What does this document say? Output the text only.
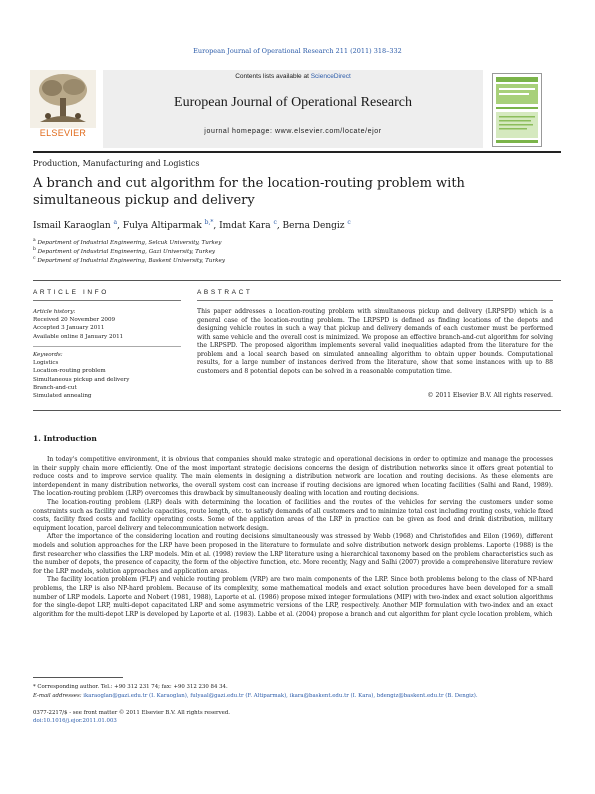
European Journal of Operational Research 211 (2011) 318–332
ELSEVIER
Contents lists available at ScienceDirect
European Journal of Operational Research
journal homepage: www.elsevier.com/locate/ejor
Production, Manufacturing and Logistics
A branch and cut algorithm for the location-routing problem with simultaneous pickup and delivery
Ismail Karaoglan $^a$, Fulya Altiparmak $^{b,*}$, Imdat Kara $^c$, Berna Dengiz $^c$
$^a$ Department of Industrial Engineering, Selcuk University, Turkey
$^b$ Department of Industrial Engineering, Gazi University, Turkey
$^c$ Department of Industrial Engineering, Baskent University, Turkey
ARTICLE INFO	ABSTRACT
Article history:
Received 20 November 2009
Accepted 3 January 2011
Available online 8 January 2011
Keywords:
Logistics
Location-routing problem
Simultaneous pickup and delivery
Branch-and-cut
Simulated annealing
This paper addresses a location-routing problem with simultaneous pickup and delivery (LRPSPD) which is a general case of the location-routing problem. The LRPSPD is defined as finding locations of the depots and designing vehicle routes in such a way that pickup and delivery demands of each customer must be performed with same vehicle and the overall cost is minimized. We propose an effective branch-and-cut algorithm for solving the LRPSPD. The proposed algorithm implements several valid inequalities adapted from the literature for the problem and a local search based on simulated annealing algorithm to obtain upper bounds. Computational results, for a large number of instances derived from the literature, show that some instances with up to 88 customers and 8 potential depots can be solved in a reasonable computation time.
© 2011 Elsevier B.V. All rights reserved.
1. Introduction

In today's competitive environment, it is obvious that companies should make strategic and operational decisions in order to optimize and manage the processes in their supply chain more efficiently. One of the most important strategic decisions concerns the design of distribution networks since it offers great potential to reduce costs and to improve service quality. The main elements in designing a distribution network are location and routing decisions. As these elements are interdependent in many distribution networks, the overall system cost can increase if routing decisions are ignored when locating facilities (Salhi and Rand, 1989). The location-routing problem (LRP) overcomes this drawback by simultaneously dealing with location and routing decisions.

The location-routing problem (LRP) deals with determining the location of facilities and the routes of the vehicles for serving the customers under some constraints such as facility and vehicle capacities, route length, etc. to satisfy demands of all customers and to minimize total cost including routing costs, vehicle fixed costs, facility fixed costs and facility operating costs. Some of the application areas of the LRP in practice can be given as food and drink distribution, military equipment location, parcel delivery and telecommunication network design.

After the importance of the considering location and routing decisions simultaneously was stressed by Webb (1968) and Christofides and Eilon (1969), different models and solution approaches for the LRP have been proposed in the literature to formulate and solve distribution network design problems. Laporte (1988) is the first researcher who classifies the LRP models. Min et al. (1998) review the LRP literature using a hierarchical taxonomy based on the problem characteristics such as the number of depots, the presence of capacity, the form of the objective function, etc. More recently, Nagy and Salhi (2007) provide a comprehensive literature review for the LRP models, solution approaches and application areas.

The facility location problem (FLP) and vehicle routing problem (VRP) are two main components of the LRP. Since both problems belong to the class of NP-hard problems, the LRP is also NP-hard problem. Because of its complexity, some mathematical models and exact solution procedures have been developed for a small number of LRP models. Laporte and Nobert (1981, 1988), Laporte et al. (1986) propose mixed integer formulations (MIP) with two-index and exact solution algorithms for the single-depot LRP, multi-depot capacitated LRP and some asymmetric versions of the LRP, respectively. Another MIP formulation with two-index and an exact algorithm for the multi-depot LRP is developed by Laporte et al. (1983). Labbe et al. (2004) propose a branch and cut algorithm for plant cycle location problem, which

* Corresponding author. Tel.: +90 312 231 74; fax: +90 312 230 84 34.
E-mail addresses: ikaraoglan@gazi.edu.tr (I. Karaoglan), fulyaal@gazi.edu.tr (F. Altiparmak), ikara@baskent.edu.tr (I. Kara), bdengiz@baskent.edu.tr (B. Dengiz).
0377-2217/$ - see front matter © 2011 Elsevier B.V. All rights reserved.
doi:10.1016/j.ejor.2011.01.003
